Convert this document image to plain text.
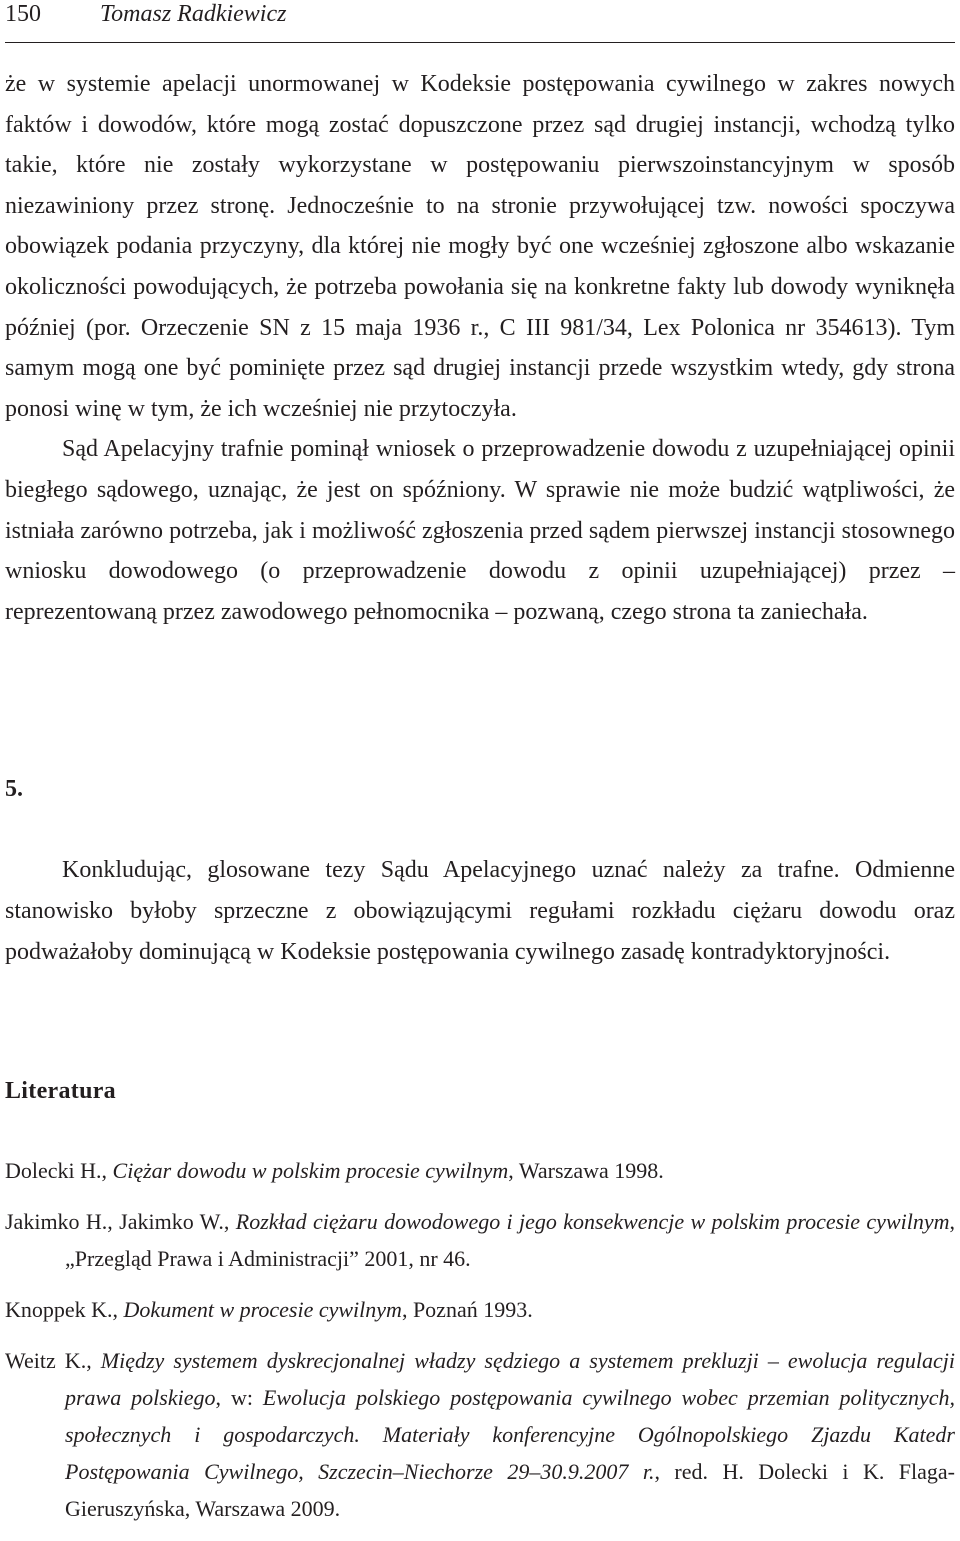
150 Tomasz Radkiewicz

że w systemie apelacji unormowanej w Kodeksie postępowania cywilnego w zakres nowych faktów i dowodów, które mogą zostać dopuszczone przez sąd drugiej instancji, wchodzą tylko takie, które nie zostały wykorzystane w postępowaniu pierwszoinstancyjnym w sposób niezawiniony przez stronę. Jednocześnie to na stronie przywołującej tzw. nowości spoczywa obowiązek podania przyczyny, dla której nie mogły być one wcześniej zgłoszone albo wskazanie okoliczności powodujących, że potrzeba powołania się na konkretne fakty lub dowody wyniknęła później (por. Orzeczenie SN z 15 maja 1936 r., C III 981/34, Lex Polonica nr 354613). Tym samym mogą one być pominięte przez sąd drugiej instancji przede wszystkim wtedy, gdy strona ponosi winę w tym, że ich wcześniej nie przytoczyła.

Sąd Apelacyjny trafnie pominął wniosek o przeprowadzenie dowodu z uzupełniającej opinii biegłego sądowego, uznając, że jest on spóźniony. W sprawie nie może budzić wątpliwości, że istniała zarówno potrzeba, jak i możliwość zgłoszenia przed sądem pierwszej instancji stosownego wniosku dowodowego (o przeprowadzenie dowodu z opinii uzupełniającej) przez – reprezentowaną przez zawodowego pełnomocnika – pozwaną, czego strona ta zaniechała.

5.

Konkludując, glosowane tezy Sądu Apelacyjnego uznać należy za trafne. Odmienne stanowisko byłoby sprzeczne z obowiązującymi regułami rozkładu ciężaru dowodu oraz podważałoby dominującą w Kodeksie postępowania cywilnego zasadę kontradyktoryjności.

Literatura

Dolecki H., Ciężar dowodu w polskim procesie cywilnym, Warszawa 1998.

Jakimko H., Jakimko W., Rozkład ciężaru dowodowego i jego konsekwencje w polskim procesie cywilnym, „Przegląd Prawa i Administracji” 2001, nr 46.

Knoppek K., Dokument w procesie cywilnym, Poznań 1993.

Weitz K., Między systemem dyskrecjonalnej władzy sędziego a systemem prekluzji – ewolucja regulacji prawa polskiego, w: Ewolucja polskiego postępowania cywilnego wobec przemian politycznych, społecznych i gospodarczych. Materiały konferencyjne Ogólnopolskiego Zjazdu Katedr Postępowania Cywilnego, Szczecin–Niechorze 29–30.9.2007 r., red. H. Dolecki i K. Flaga-Gieruszyńska, Warszawa 2009.
